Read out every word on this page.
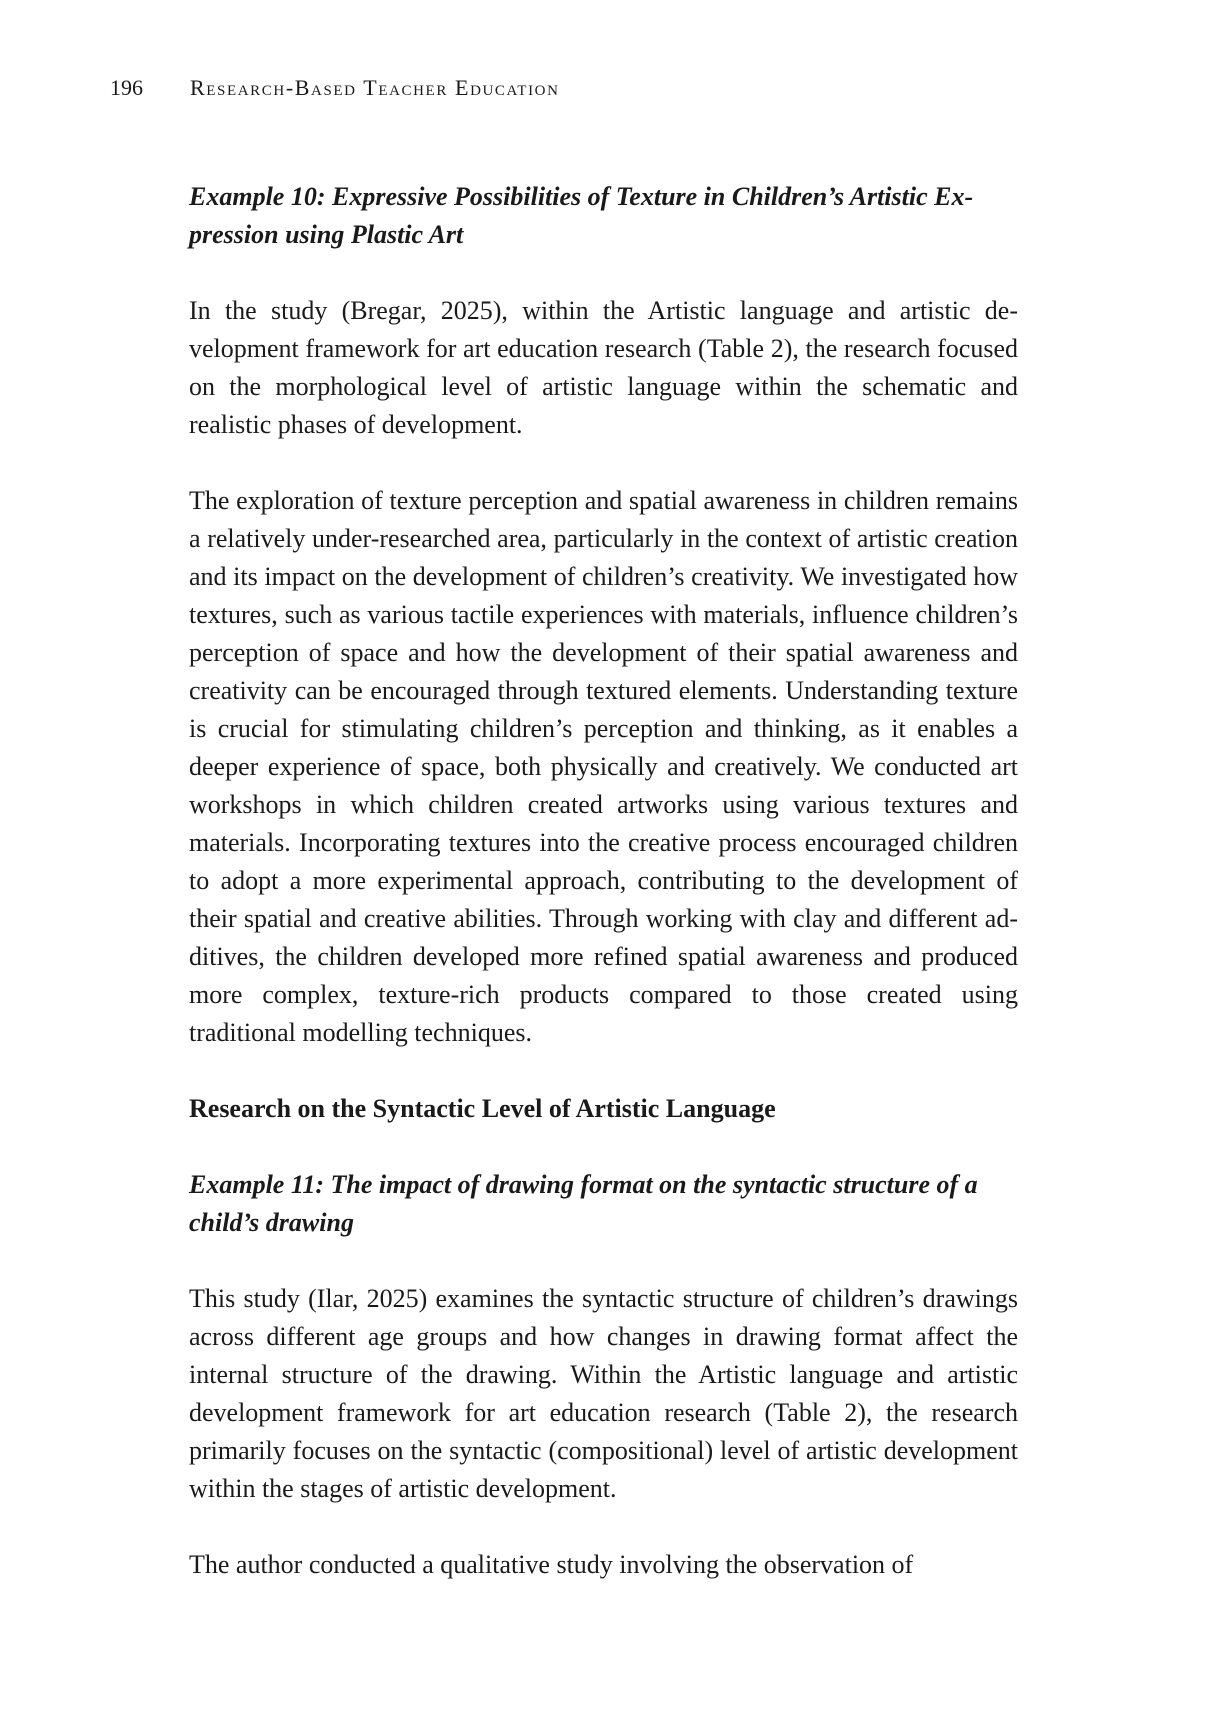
196 Research-Based Teacher Education
Example 10: Expressive Possibilities of Texture in Children’s Artistic Expression using Plastic Art

In the study (Bregar, 2025), within the Artistic language and artistic development framework for art education research (Table 2), the research focused on the morphological level of artistic language within the schematic and realistic phases of development.

The exploration of texture perception and spatial awareness in children remains a relatively under-researched area, particularly in the context of artistic creation and its impact on the development of children’s creativity. We investigated how textures, such as various tactile experiences with materials, influence children’s perception of space and how the development of their spatial awareness and creativity can be encouraged through textured elements. Understanding texture is crucial for stimulating children’s perception and thinking, as it enables a deeper experience of space, both physically and creatively. We conducted art workshops in which children created artworks using various textures and materials. Incorporating textures into the creative process encouraged children to adopt a more experimental approach, contributing to the development of their spatial and creative abilities. Through working with clay and different additives, the children developed more refined spatial awareness and produced more complex, texture-rich products compared to those created using traditional modelling techniques.

Research on the Syntactic Level of Artistic Language
Example 11: The impact of drawing format on the syntactic structure of a child’s drawing

This study (Ilar, 2025) examines the syntactic structure of children’s drawings across different age groups and how changes in drawing format affect the internal structure of the drawing. Within the Artistic language and artistic development framework for art education research (Table 2), the research primarily focuses on the syntactic (compositional) level of artistic development within the stages of artistic development.

The author conducted a qualitative study involving the observation of
